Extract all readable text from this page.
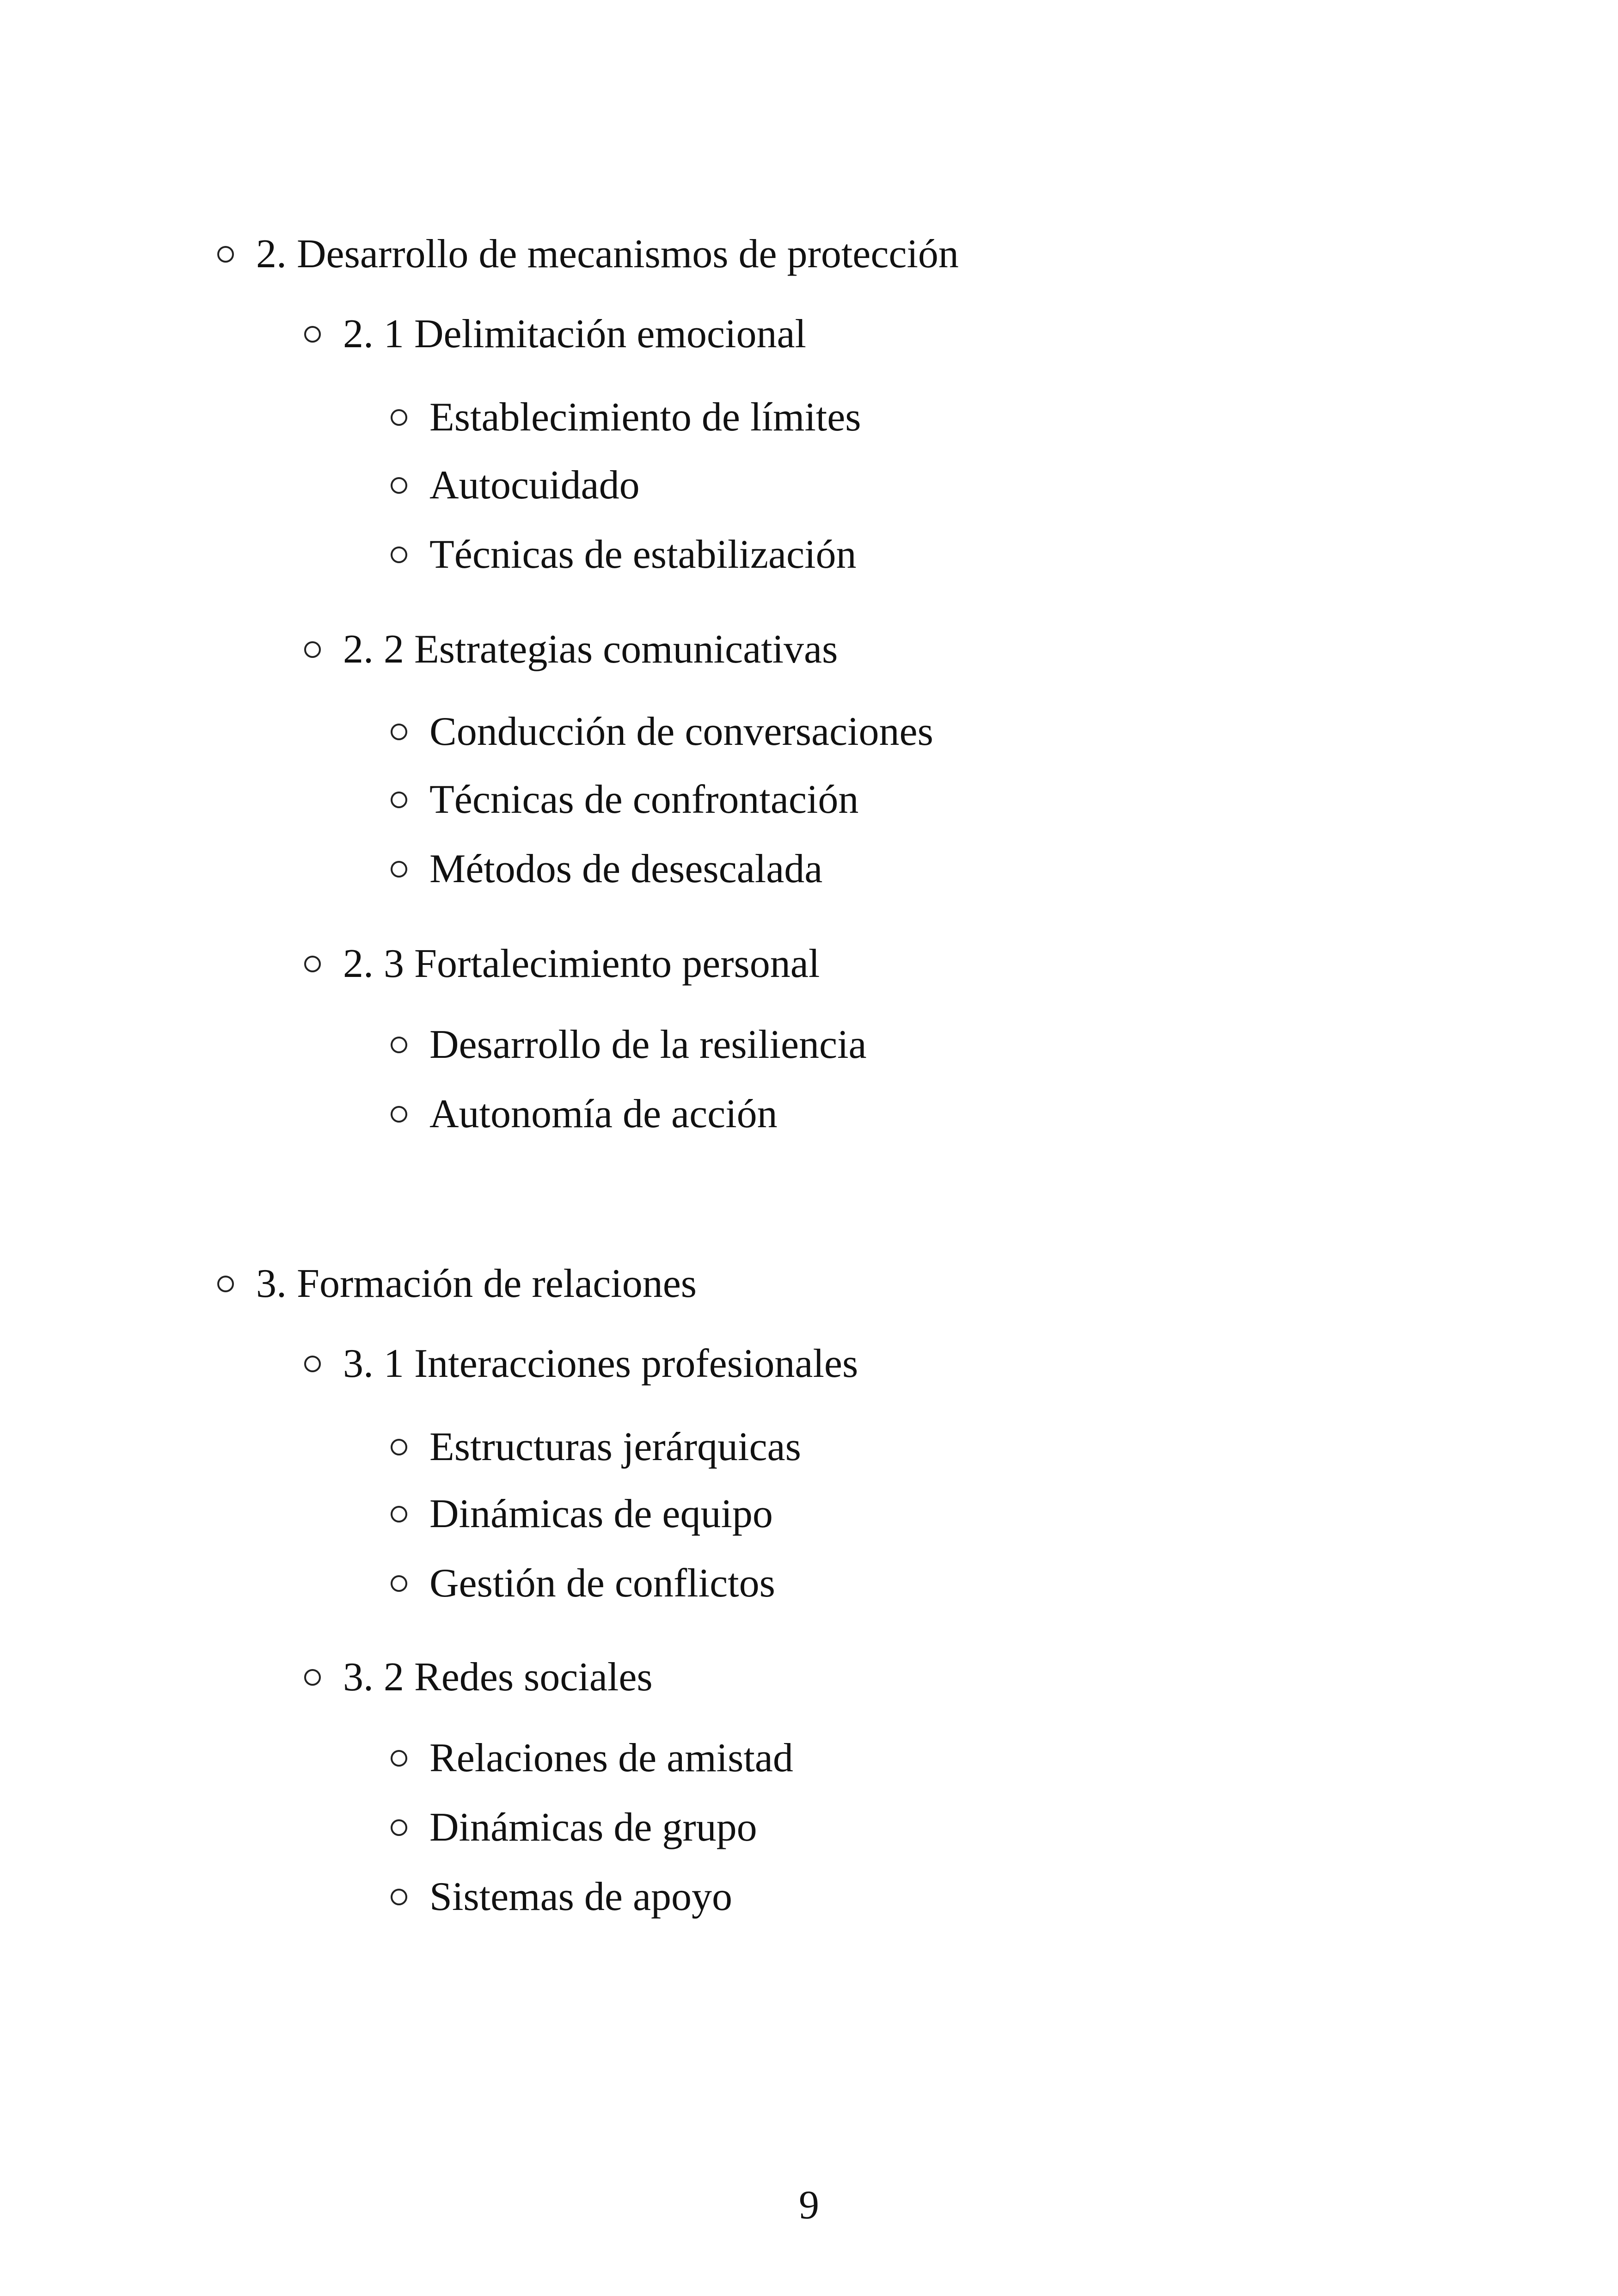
2. Desarrollo de mecanismos de protección
2. 1 Delimitación emocional
Establecimiento de límites
Autocuidado
Técnicas de estabilización
2. 2 Estrategias comunicativas
Conducción de conversaciones
Técnicas de confrontación
Métodos de desescalada
2. 3 Fortalecimiento personal
Desarrollo de la resiliencia
Autonomía de acción
3. Formación de relaciones
3. 1 Interacciones profesionales
Estructuras jerárquicas
Dinámicas de equipo
Gestión de conflictos
3. 2 Redes sociales
Relaciones de amistad
Dinámicas de grupo
Sistemas de apoyo
9
